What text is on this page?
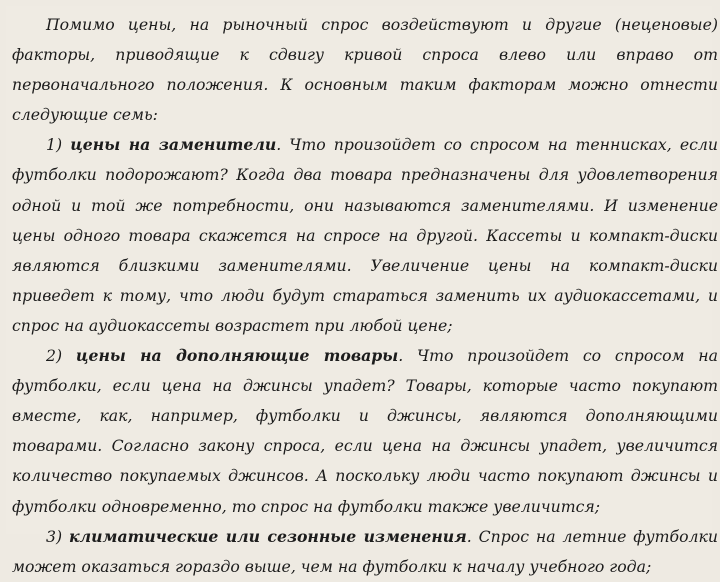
Помимо цены, на рыночный спрос воздействуют и другие (неценовые) факторы, приводящие к сдвигу кривой спроса влево или вправо от первоначального положения. К основным таким факторам можно отнести следующие семь:

1) цены на заменители. Что произойдет со спросом на теннисках, если футболки подорожают? Когда два товара предназначены для удовлетворения одной и той же потребности, они называются заменителями. И изменение цены одного товара скажется на спросе на другой. Кассеты и компакт-диски являются близкими заменителями. Увеличение цены на компакт-диски приведет к тому, что люди будут стараться заменить их аудиокассетами, и спрос на аудиокассеты возрастет при любой цене;

2) цены на дополняющие товары. Что произойдет со спросом на футболки, если цена на джинсы упадет? Товары, которые часто покупают вместе, как, например, футболки и джинсы, являются дополняющими товарами. Согласно закону спроса, если цена на джинсы упадет, увеличится количество покупаемых джинсов. А поскольку люди часто покупают джинсы и футболки одновременно, то спрос на футболки также увеличится;

3) климатические или сезонные изменения. Спрос на летние футболки может оказаться гораздо выше, чем на футболки к началу учебного года;
